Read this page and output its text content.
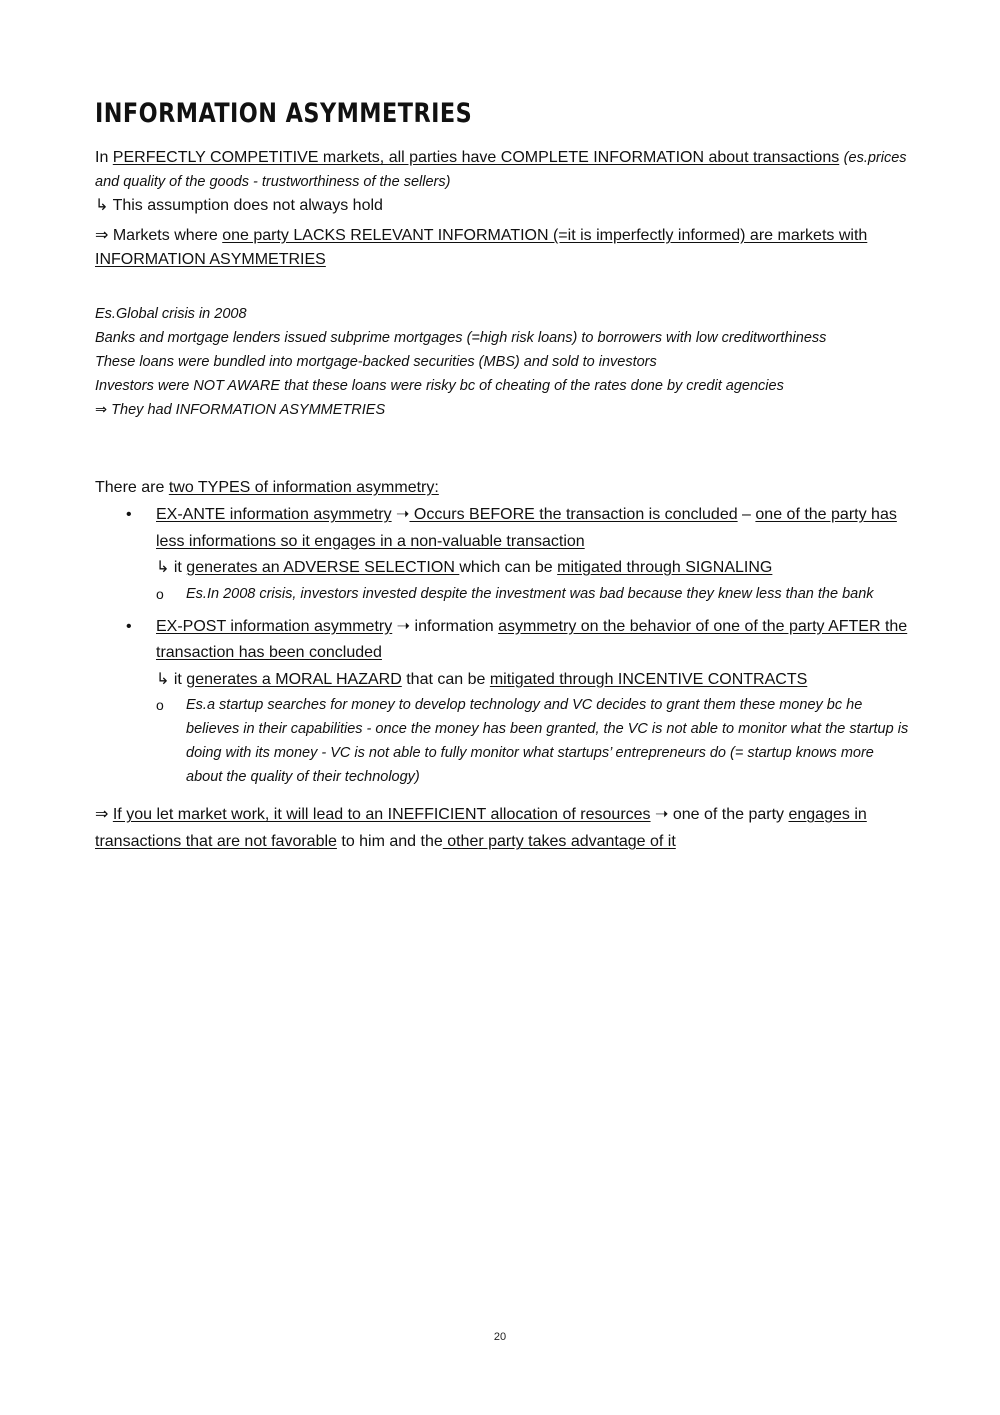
INFORMATION ASYMMETRIES

In PERFECTLY COMPETITIVE markets, all parties have COMPLETE INFORMATION about transactions (es.prices and quality of the goods - trustworthiness of the sellers)

↳ This assumption does not always hold

⇒ Markets where one party LACKS RELEVANT INFORMATION (=it is imperfectly informed) are markets with INFORMATION ASYMMETRIES

Es.Global crisis in 2008

Banks and mortgage lenders issued subprime mortgages (=high risk loans) to borrowers with low creditworthiness

These loans were bundled into mortgage-backed securities (MBS) and sold to investors

Investors were NOT AWARE that these loans were risky bc of cheating of the rates done by credit agencies

⇒ They had INFORMATION ASYMMETRIES

There are two TYPES of information asymmetry:

• EX-ANTE information asymmetry ➝ Occurs BEFORE the transaction is concluded – one of the party has less informations so it engages in a non-valuable transaction
↳ it generates an ADVERSE SELECTION which can be mitigated through SIGNALING
o Es.In 2008 crisis, investors invested despite the investment was bad because they knew less than the bank
• EX-POST information asymmetry ➝ information asymmetry on the behavior of one of the party AFTER the transaction has been concluded
↳ it generates a MORAL HAZARD that can be mitigated through INCENTIVE CONTRACTS
o Es.a startup searches for money to develop technology and VC decides to grant them these money bc he believes in their capabilities - once the money has been granted, the VC is not able to monitor what the startup is doing with its money - VC is not able to fully monitor what startups’ entrepreneurs do (= startup knows more about the quality of their technology)

⇒ If you let market work, it will lead to an INEFFICIENT allocation of resources ➝ one of the party engages in transactions that are not favorable to him and the other party takes advantage of it

20
